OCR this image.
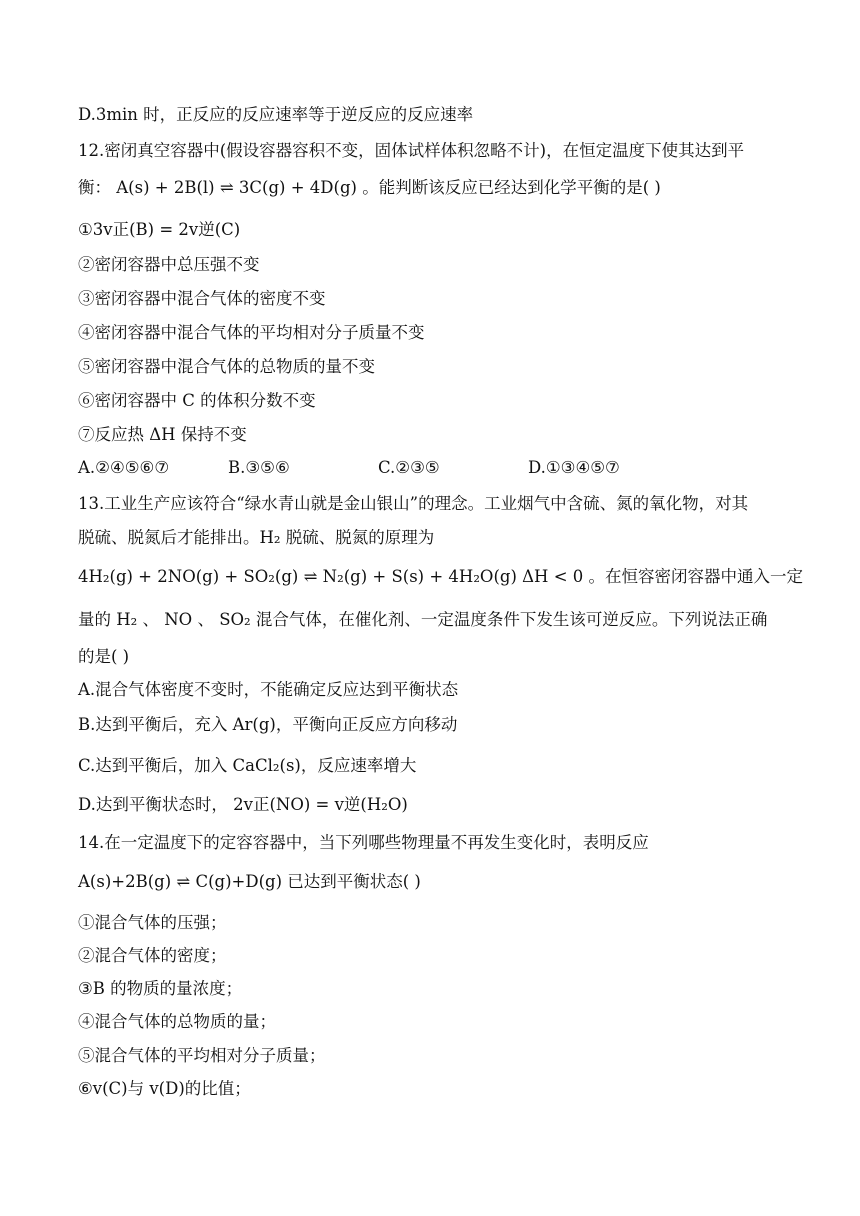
D.3min 时，正反应的反应速率等于逆反应的反应速率
12.密闭真空容器中(假设容器容积不变，固体试样体积忽略不计)，在恒定温度下使其达到平
衡： A(s) + 2B(l) ⇌ 3C(g) + 4D(g) 。能判断该反应已经达到化学平衡的是( )
①3v正(B) = 2v逆(C)
②密闭容器中总压强不变
③密闭容器中混合气体的密度不变
④密闭容器中混合气体的平均相对分子质量不变
⑤密闭容器中混合气体的总物质的量不变
⑥密闭容器中 C 的体积分数不变
⑦反应热 ΔH 保持不变
A.②④⑤⑥⑦	B.③⑤⑥	C.②③⑤	D.①③④⑤⑦
13.工业生产应该符合“绿水青山就是金山银山”的理念。工业烟气中含硫、氮的氧化物，对其
脱硫、脱氮后才能排出。H₂ 脱硫、脱氮的原理为
4H₂(g) + 2NO(g) + SO₂(g) ⇌ N₂(g) + S(s) + 4H₂O(g) ΔH < 0 。在恒容密闭容器中通入一定
量的 H₂ 、 NO 、 SO₂ 混合气体，在催化剂、一定温度条件下发生该可逆反应。下列说法正确
的是( )
A.混合气体密度不变时，不能确定反应达到平衡状态
B.达到平衡后，充入 Ar(g)，平衡向正反应方向移动
C.达到平衡后，加入 CaCl₂(s)，反应速率增大
D.达到平衡状态时， 2v正(NO) = v逆(H₂O)
14.在一定温度下的定容容器中，当下列哪些物理量不再发生变化时，表明反应
A(s)+2B(g) ⇌ C(g)+D(g) 已达到平衡状态( )
①混合气体的压强；
②混合气体的密度；
③B 的物质的量浓度；
④混合气体的总物质的量；
⑤混合气体的平均相对分子质量；
⑥v(C)与 v(D)的比值；
